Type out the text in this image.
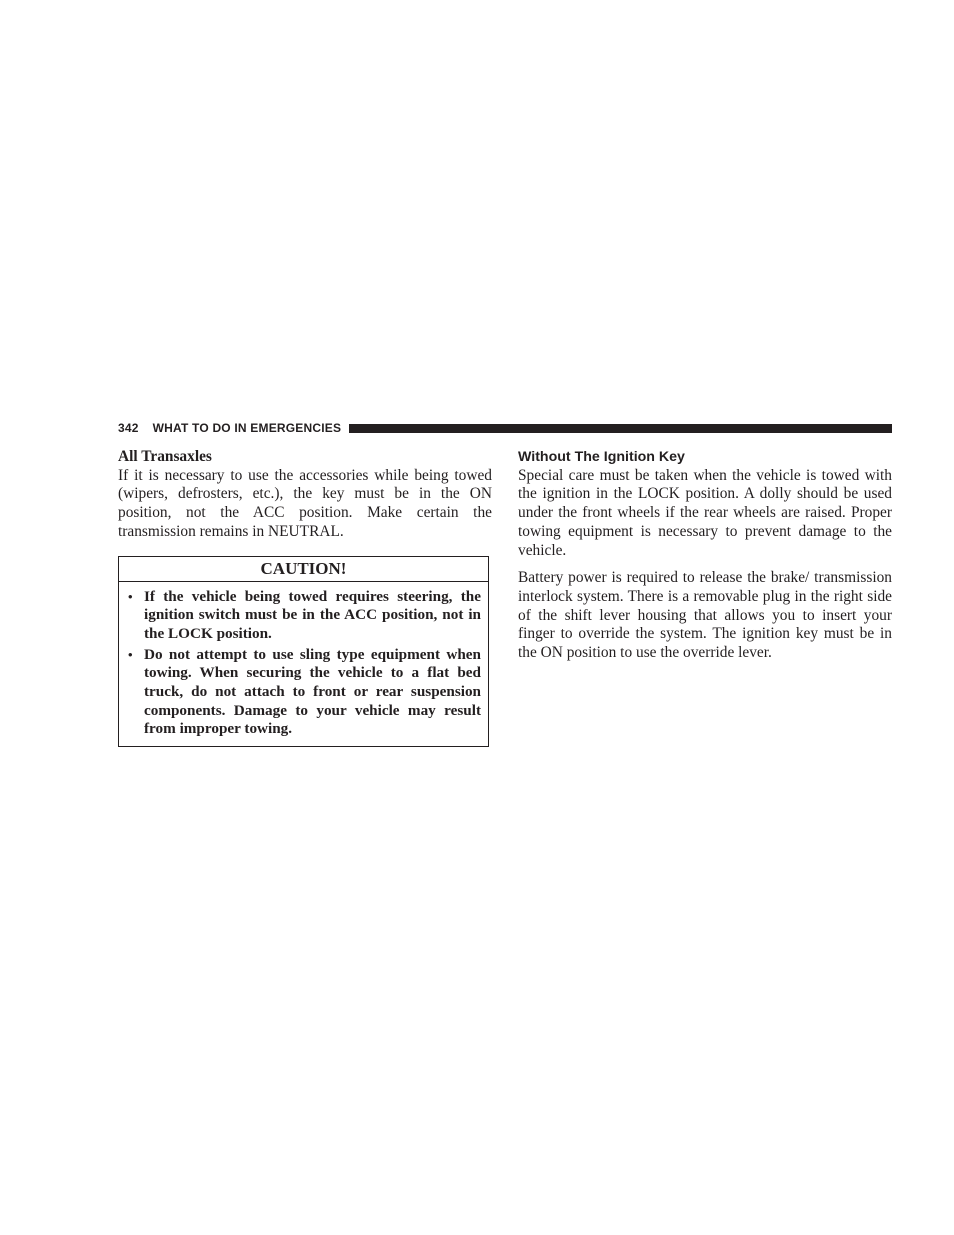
342 WHAT TO DO IN EMERGENCIES
All Transaxles

If it is necessary to use the accessories while being towed (wipers, defrosters, etc.), the key must be in the ON position, not the ACC position. Make certain the transmission remains in NEUTRAL.

CAUTION!
• If the vehicle being towed requires steering, the ignition switch must be in the ACC position, not in the LOCK position.
• Do not attempt to use sling type equipment when towing. When securing the vehicle to a flat bed truck, do not attach to front or rear suspension components. Damage to your vehicle may result from improper towing.
Without The Ignition Key

Special care must be taken when the vehicle is towed with the ignition in the LOCK position. A dolly should be used under the front wheels if the rear wheels are raised. Proper towing equipment is necessary to prevent damage to the vehicle.

Battery power is required to release the brake/ transmission interlock system. There is a removable plug in the right side of the shift lever housing that allows you to insert your finger to override the system. The ignition key must be in the ON position to use the override lever.
